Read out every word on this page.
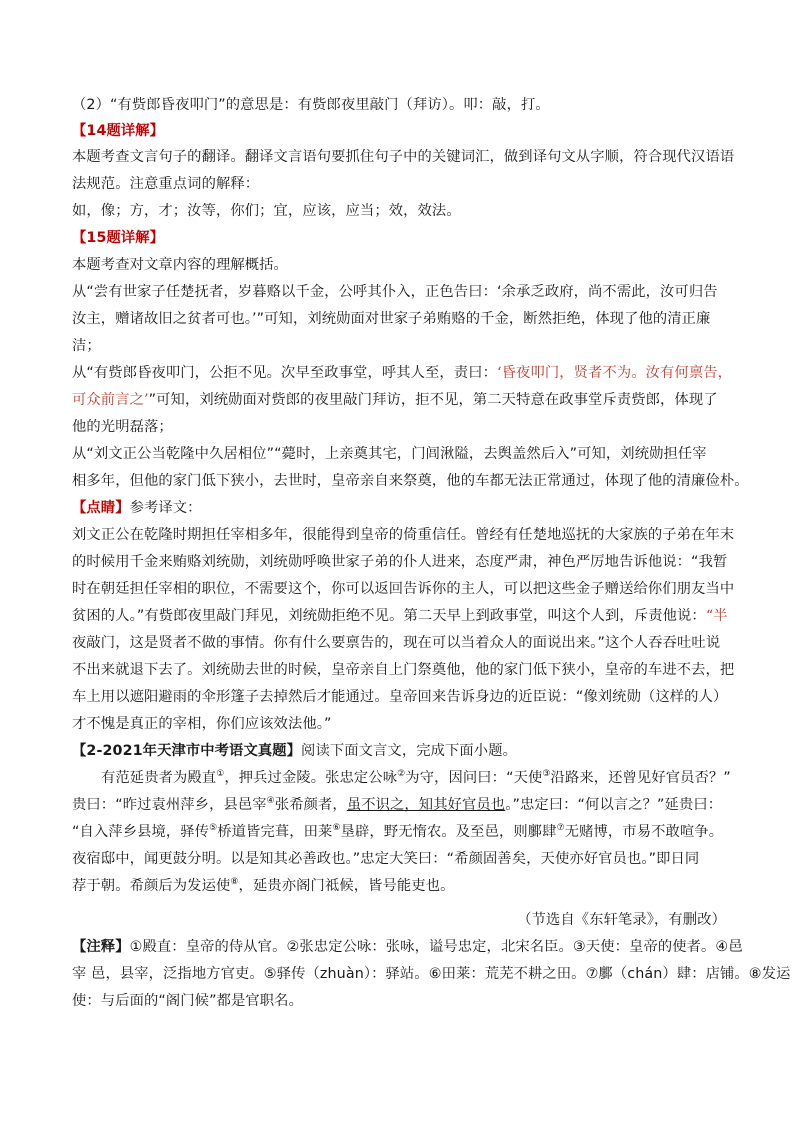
（2）“有赀郎昏夜叩门”的意思是：有赀郎夜里敲门（拜访）。叩：敲，打。
【14题详解】
本题考查文言句子的翻译。翻译文言语句要抓住句子中的关键词汇，做到译句文从字顺，符合现代汉语语
法规范。注意重点词的解释：
如，像；方，才；汝等，你们；宜，应该，应当；效，效法。
【15题详解】
本题考查对文章内容的理解概括。
从“尝有世家子任楚抚者，岁暮赂以千金，公呼其仆入，正色告曰：‘余承乏政府，尚不需此，汝可归告
汝主，赠诸故旧之贫者可也。’”可知，刘统勋面对世家子弟贿赂的千金，断然拒绝，体现了他的清正廉
洁；
从“有赀郎昏夜叩门，公拒不见。次早至政事堂，呼其人至，责曰：‘昏夜叩门，贤者不为。汝有何禀告，
可众前言之’”可知，刘统勋面对赀郎的夜里敲门拜访，拒不见，第二天特意在政事堂斥责赀郎，体现了
他的光明磊落；
从“刘文正公当乾隆中久居相位”“薨时，上亲奠其宅，门闾湫隘，去舆盖然后入”可知，刘统勋担任宰
相多年，但他的家门低下狭小，去世时，皇帝亲自来祭奠，他的车都无法正常通过，体现了他的清廉俭朴。
【点睛】参考译文：
刘文正公在乾隆时期担任宰相多年，很能得到皇帝的倚重信任。曾经有任楚地巡抚的大家族的子弟在年末
的时候用千金来贿赂刘统勋，刘统勋呼唤世家子弟的仆人进来，态度严肃，神色严厉地告诉他说：“我暂
时在朝廷担任宰相的职位，不需要这个，你可以返回告诉你的主人，可以把这些金子赠送给你们朋友当中
贫困的人。”有赀郎夜里敲门拜见，刘统勋拒绝不见。第二天早上到政事堂，叫这个人到，斥责他说：“半
夜敲门，这是贤者不做的事情。你有什么要禀告的，现在可以当着众人的面说出来。”这个人吞吞吐吐说
不出来就退下去了。刘统勋去世的时候，皇帝亲自上门祭奠他，他的家门低下狭小，皇帝的车进不去，把
车上用以遮阳避雨的伞形篷子去掉然后才能通过。皇帝回来告诉身边的近臣说：“像刘统勋（这样的人）
才不愧是真正的宰相，你们应该效法他。”
【2-2021年天津市中考语文真题】阅读下面文言文，完成下面小题。
有范延贵者为殿直①，押兵过金陵。张忠定公咏②为守，因问曰：“天使③沿路来，还曾见好官员否？”
贵曰：“昨过袁州萍乡，县邑宰④张希颜者，虽不识之，知其好官员也。”忠定曰：“何以言之？”延贵曰：
“自入萍乡县境，驿传⑤桥道皆完葺，田莱⑥垦辟，野无惰农。及至邑，则鄽肆⑦无赌博，市易不敢喧争。
夜宿邸中，闻更鼓分明。以是知其必善政也。”忠定大笑曰：“希颜固善矣，天使亦好官员也。”即日同
荐于朝。希颜后为发运使⑧，延贵亦阁门祗候，皆号能吏也。
（节选自《东轩笔录》，有删改）
【注释】①殿直：皇帝的侍从官。②张忠定公咏：张咏，谥号忠定，北宋名臣。③天使：皇帝的使者。④邑
宰 邑，县宰，泛指地方官吏。⑤驿传（zhuàn）：驿站。⑥田莱：荒芜不耕之田。⑦鄽（chán）肆：店铺。⑧发运
使：与后面的“阁门候”都是官职名。
